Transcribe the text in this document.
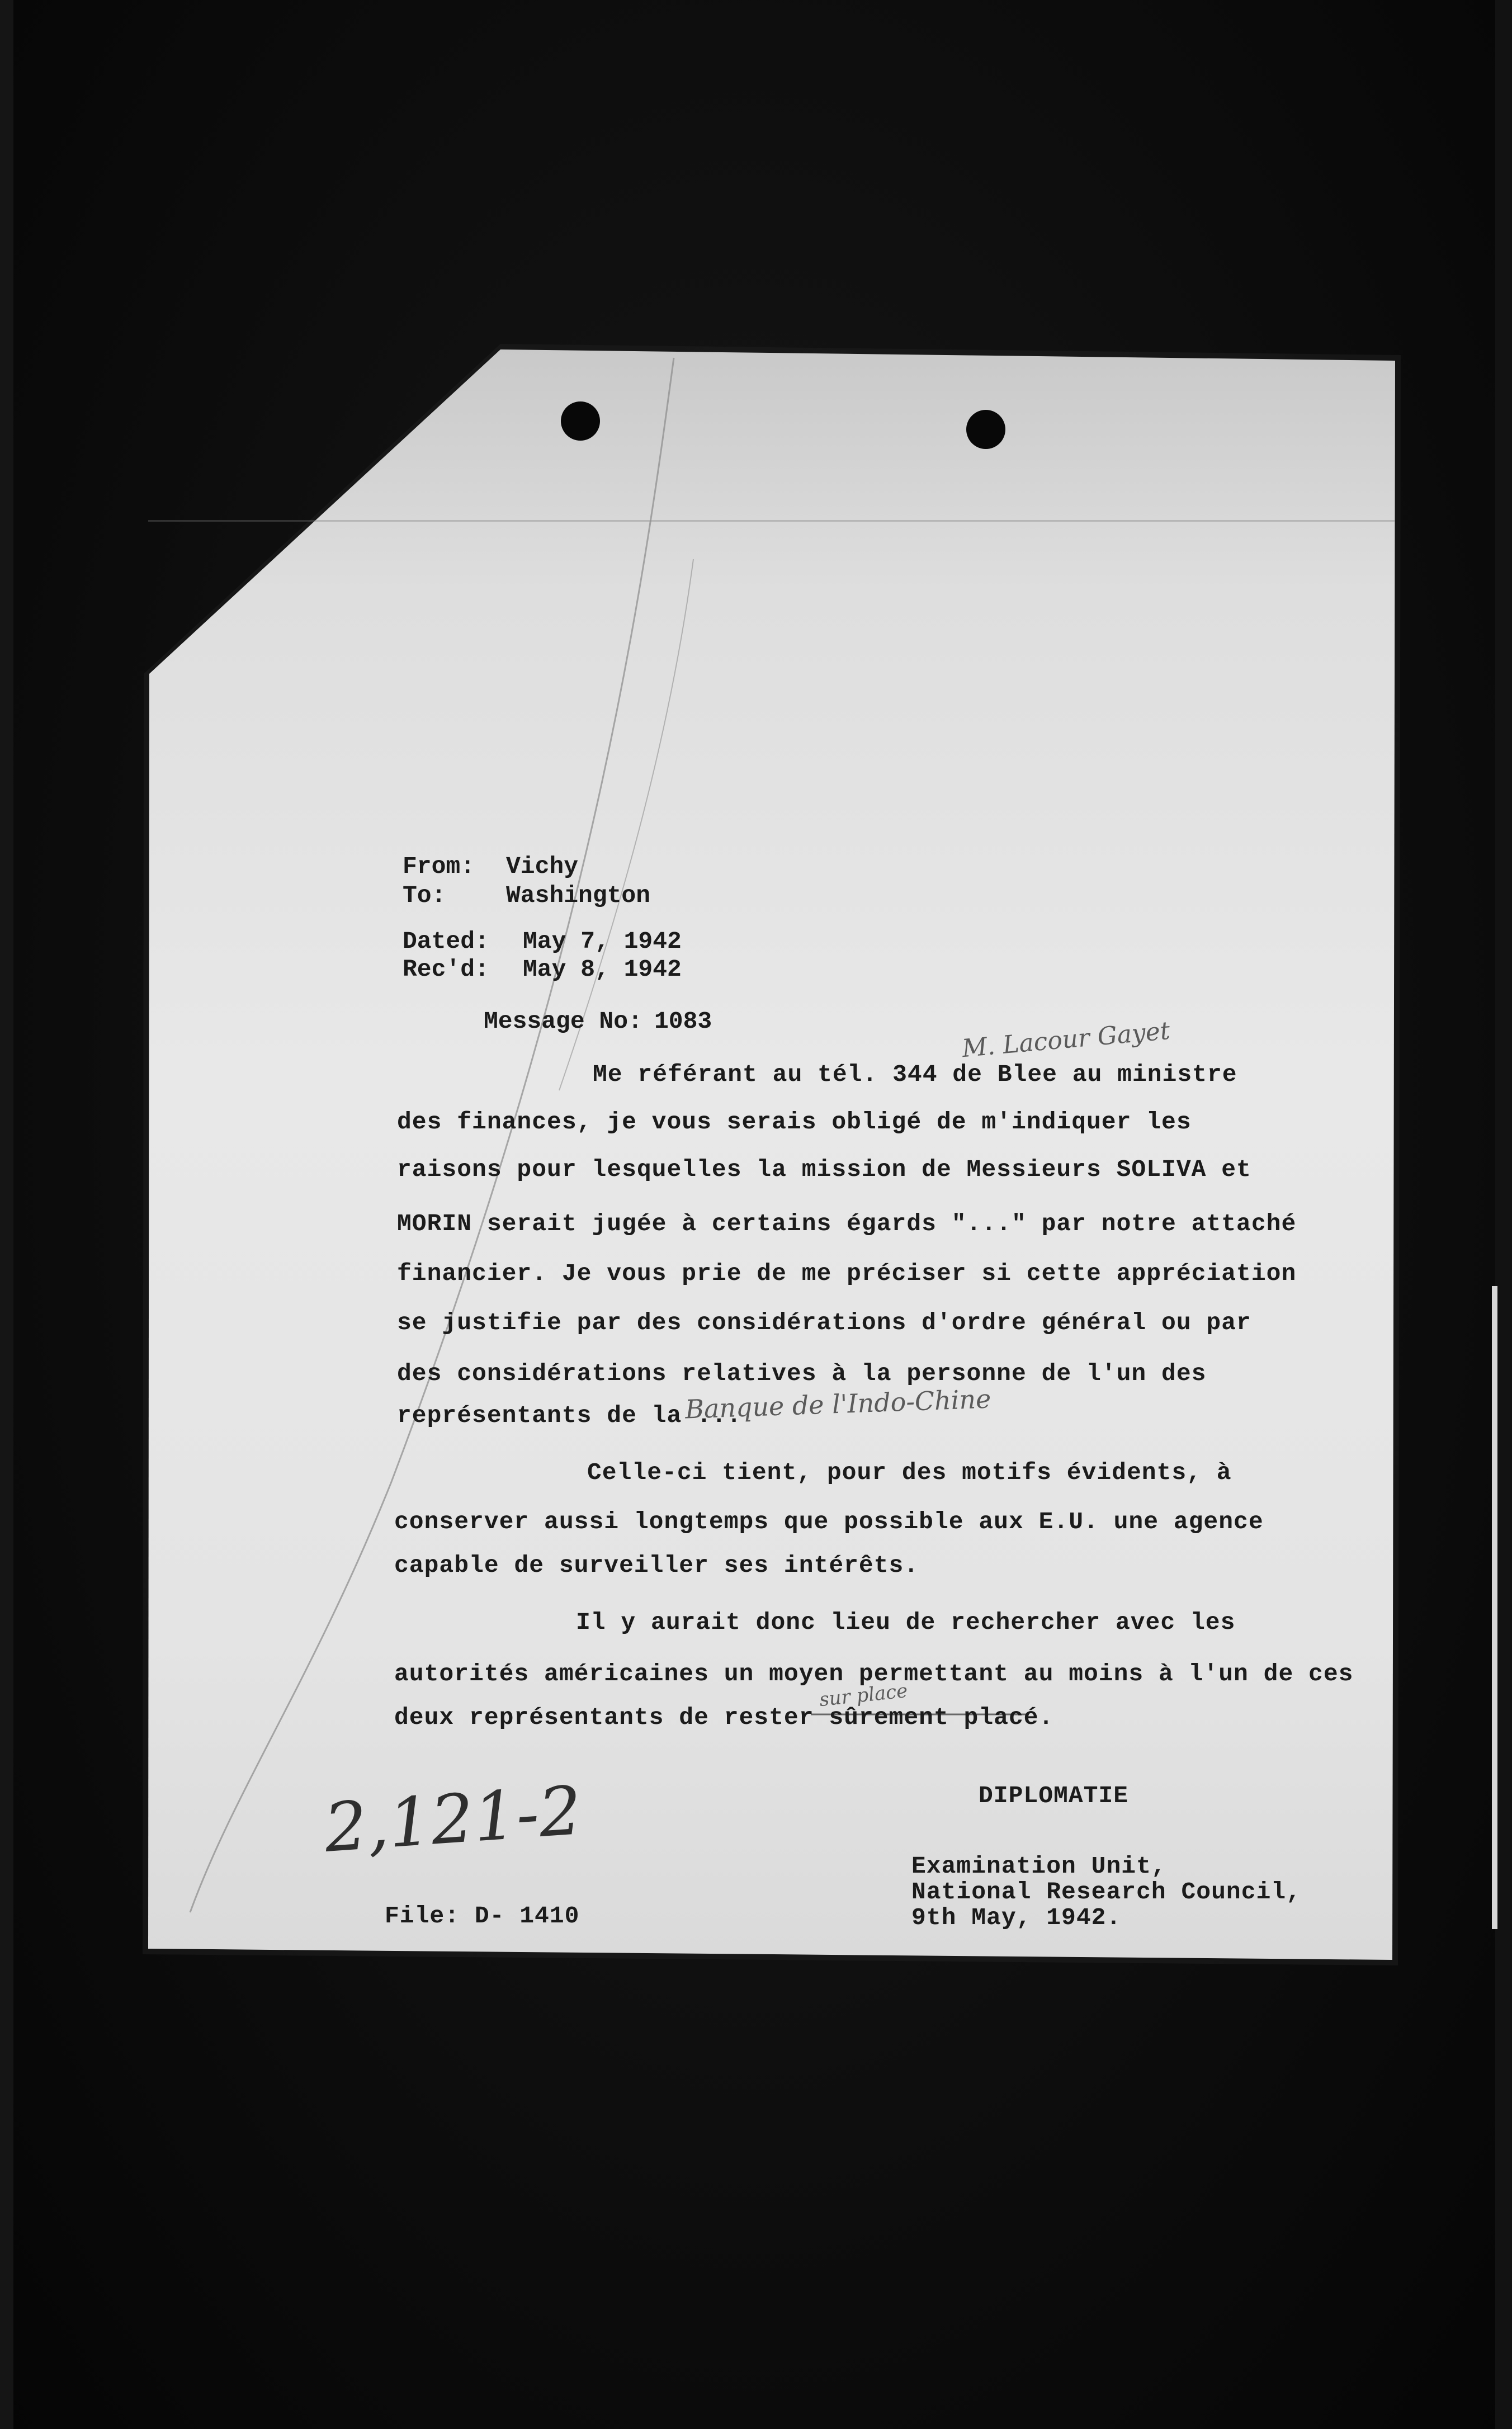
From: Vichy
To:	Washington
Dated: May 7, 1942
Rec'd: May 8, 1942
Message No: 1083	M. Lacour Gayet
Me référant au tél. 344 de Blee au ministre
des finances, je vous serais obligé de m'indiquer les
raisons pour lesquelles la mission de Messieurs SOLIVA et
MORIN serait jugée à certains égards "..." par notre attaché
financier. Je vous prie de me préciser si cette appréciation
se justifie par des considérations d'ordre général ou par
des considérations relatives à la personne de l'un des
représentants de la ...
Banque de l'Indo-Chine
Celle-ci tient, pour des motifs évidents, à
conserver aussi longtemps que possible aux E.U. une agence
capable de surveiller ses intérêts.
Il y aurait donc lieu de rechercher avec les
autorités américaines un moyen permettant au moins à l'un de ces
sur place
deux représentants de rester sûrement placé.
DIPLOMATIE
Examination Unit,
National Research Council,
9th May, 1942.
2,121-2
File: D- 1410
